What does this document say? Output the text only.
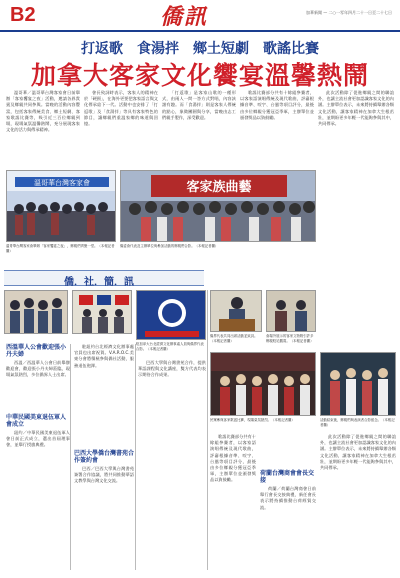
B2	僑訊	加華新聞 — 二○一零年四月二十一日至二十七日
打返歌　食湯拌　鄉土短劇　歌謠比賽
加拿大客家文化饗宴溫馨熱鬧

溫哥華／溫哥華台灣客家會日前舉辦「客家饗宴之夜」活動，邀請各界貴賓及鄉親共同參與。當晚的活動內容豐富，包括客家傳統美食、鄉土短劇、客家歌謠比賽等，吸引近三百位鄉親到場，現場氣氛溫馨熱鬧，充分展現客家文化的活力與傳承精神。

會長致詞時表示，客家人的精神在於「硬頸」，在海外更要把客家語言與文化傳承給下一代。活動中也安排了「打返歌」及「食湯拌」等具有客家特色的節目，讓鄉親們重溫家鄉的味道與回憶。

「打返歌」是客家山歌的一種形式，由兩人一問一答方式對唱，內容詼諧有趣。而「食湯拌」則是客家人傳統的點心，象徵團圓與分享，當晚由志工們親手製作，深受歡迎。

歌謠比賽部分共有十餘組參賽者，以客家語演唱傳統及現代歌曲，評審根據音準、咬字、台風等項目評分，最後由多位鄉親分獲冠亞季軍，主辦單位並頒發獎品以資鼓勵。

此次活動除了促進鄉親之間的聯誼外，也讓主流社會更加認識客家文化的內涵。主辦單位表示，未來將持續舉辦各類文化活動，讓客家精神在加拿大生根茁壯，並期盼更多年輕一代能夠參與其中，共同傳承。

溫哥華台灣客家會
溫哥華台灣客家會舉辦「客家饗宴之夜」，鄉親們齊聚一堂。（本報記者攝）
客家族曲藝
僑委會代表及主辦單位與參加活動的鄉親們合影。（本報記者攝）
僑．社．簡．訊
駐加拿大台北經濟文化辦事處人員與僑界代表合影。（本報記者攝）
僑界代表共同出席活動並致詞。（本報記者攝）
會場外展示的客家文物吸引許多鄉親駐足觀賞。（本報記者攝）
西溫華人公會歡迎張小丹夫婦

西溫／西溫華人公會日前舉辦歡迎會，歡迎張小丹夫婦蒞臨，現場氣氛熱烈，多位僑界人士出席。

中華民國美東退伍軍人會成立

紐約／中華民國美東退伍軍人會日前正式成立，選出首屆理事會，並舉行授旗典禮。

駐紐約台北經濟文化辦事處官員也出席祝賀。V.A.R.O.C.美東分會將積極參與僑社活動，服務退伍袍澤。

巴西大學僑台灣書苑合作簽約會

巴西／巴西大學與台灣書苑簽署合作協議，將共同推動華語文教學與台灣文化交流。

巴西大學與台灣書苑合作，提供華語課程與文化講座，雙方代表均表示期待合作成果。

民眾參與客家歌謠比賽，現場氣氛熱烈。（本報記者攝）	活動結束後，鄉親們與表演者合影留念。（本報記者攝）
荷蘭台灣商會會長交接

荷蘭／荷蘭台灣商會日前舉行會長交接典禮，新任會長表示將持續推動台荷經貿交流。

此次活動除了促進鄉親之間的聯誼外，也讓主流社會更加認識客家文化的內涵。主辦單位表示，未來將持續舉辦各類文化活動，讓客家精神在加拿大生根茁壯，並期盼更多年輕一代能夠參與其中，共同傳承。

歌謠比賽部分共有十餘組參賽者，以客家語演唱傳統及現代歌曲，評審根據音準、咬字、台風等項目評分，最後由多位鄉親分獲冠亞季軍，主辦單位並頒發獎品以資鼓勵。
